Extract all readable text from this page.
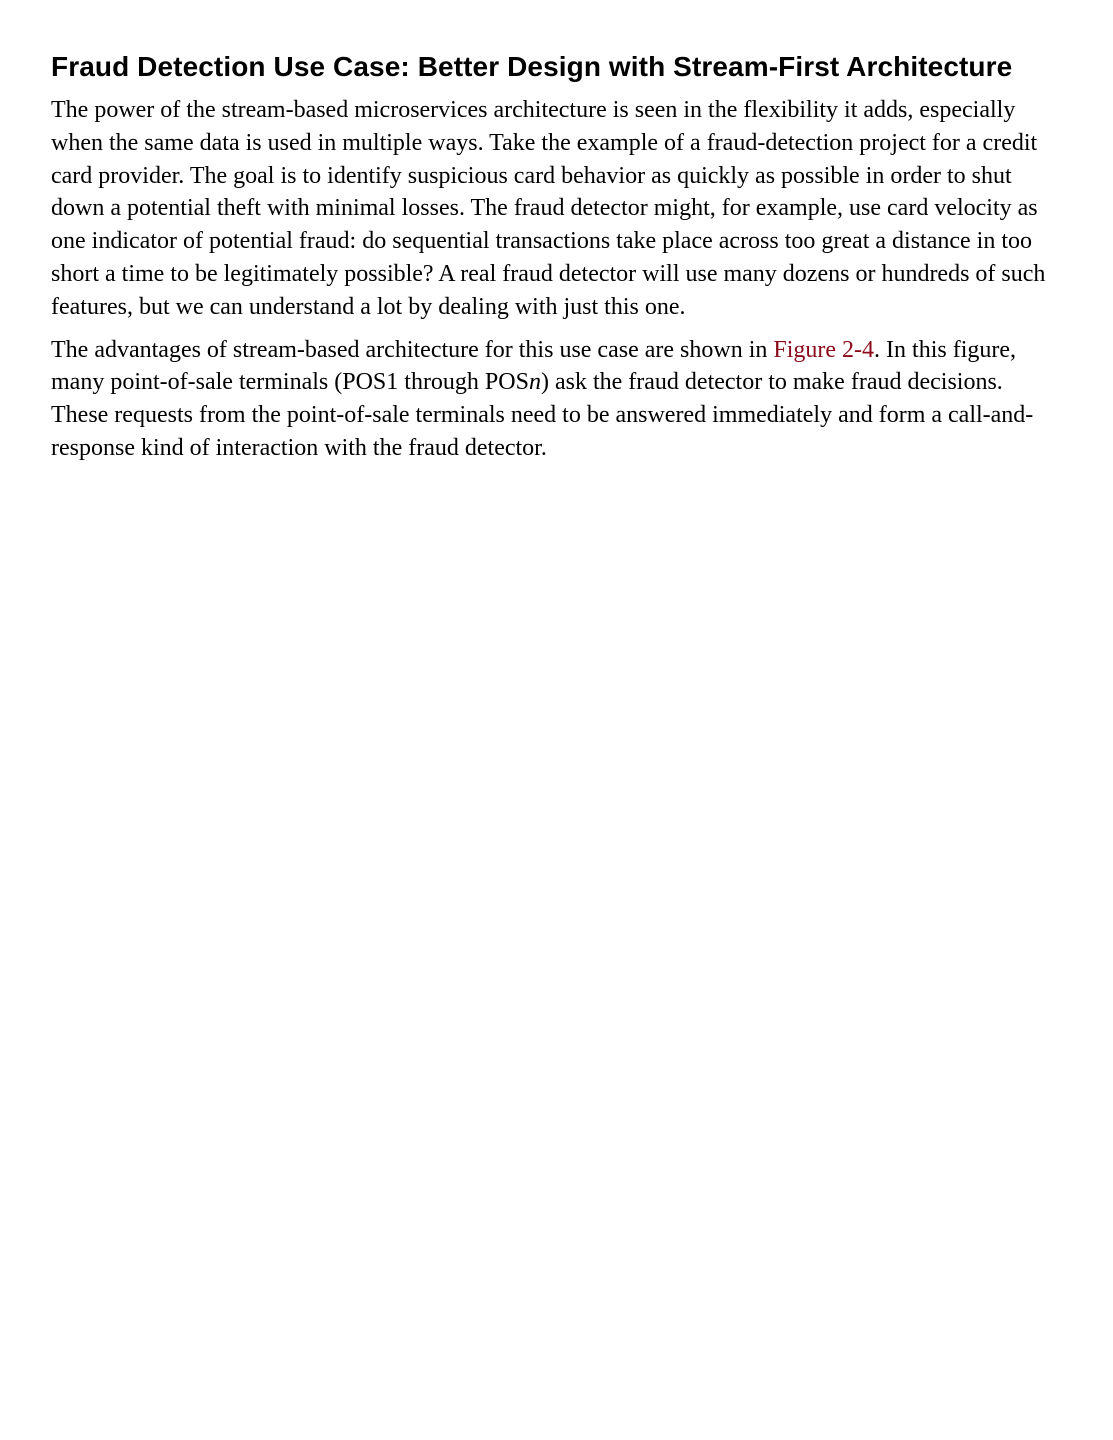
Fraud Detection Use Case: Better Design with Stream-First Architecture

The power of the stream-based microservices architecture is seen in the flexibility it adds, especially when the same data is used in multiple ways. Take the example of a fraud-detection project for a credit card provider. The goal is to identify suspicious card behavior as quickly as possible in order to shut down a potential theft with minimal losses. The fraud detector might, for example, use card velocity as one indicator of potential fraud: do sequential transactions take place across too great a distance in too short a time to be legitimately possible? A real fraud detector will use many dozens or hundreds of such features, but we can understand a lot by dealing with just this one.

The advantages of stream-based architecture for this use case are shown in Figure 2-4. In this figure, many point-of-sale terminals (POS1 through POSn) ask the fraud detector to make fraud decisions. These requests from the point-of-sale terminals need to be answered immediately and form a call-and-response kind of interaction with the fraud detector.
